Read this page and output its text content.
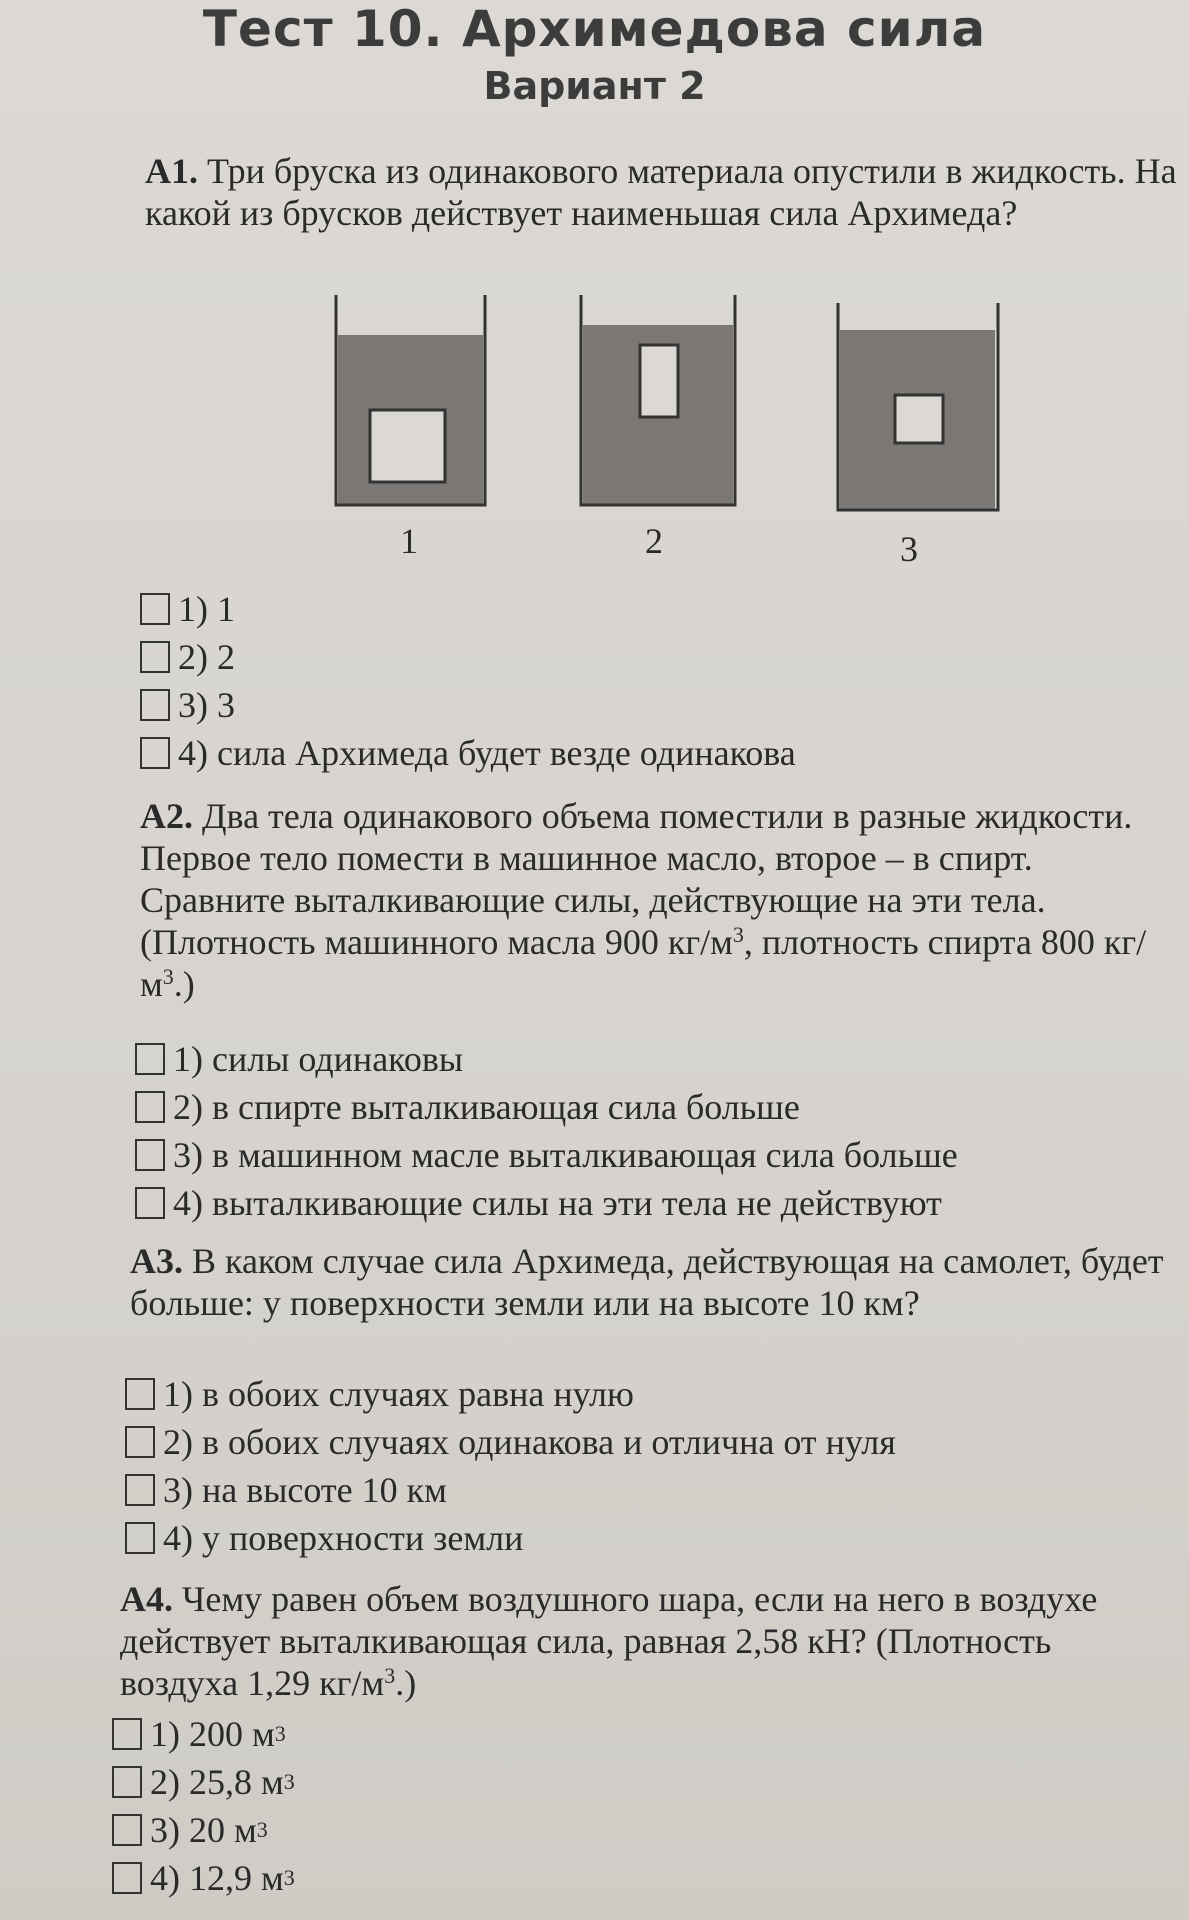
Тест 10. Архимедова сила
Вариант 2
А1. Три бруска из одинакового материала опустили в жидкость. На какой из брусков действует наименьшая сила Архимеда?
1	2	3
1) 1
2) 2
3) 3
4) сила Архимеда будет везде одинакова
А2. Два тела одинакового объема поместили в разные жидкости. Первое тело помести в машинное масло, второе – в спирт. Сравните выталкивающие силы, действующие на эти тела. (Плотность машинного масла 900 $кг/м^3$, плотность спирта 800 $кг/м^3$.)
1) силы одинаковы
2) в спирте выталкивающая сила больше
3) в машинном масле выталкивающая сила больше
4) выталкивающие силы на эти тела не действуют
А3. В каком случае сила Архимеда, действующая на самолет, будет больше: у поверхности земли или на высоте 10 км?
1) в обоих случаях равна нулю
2) в обоих случаях одинакова и отлична от нуля
3) на высоте 10 км
4) у поверхности земли
А4. Чему равен объем воздушного шара, если на него в воздухе действует выталкивающая сила, равная 2,58 кН? (Плотность воздуха 1,29 $кг/м^3$.)
1) 200 м 3
2) 25,8 м 3
3) 20 м 3
4) 12,9 м 3
